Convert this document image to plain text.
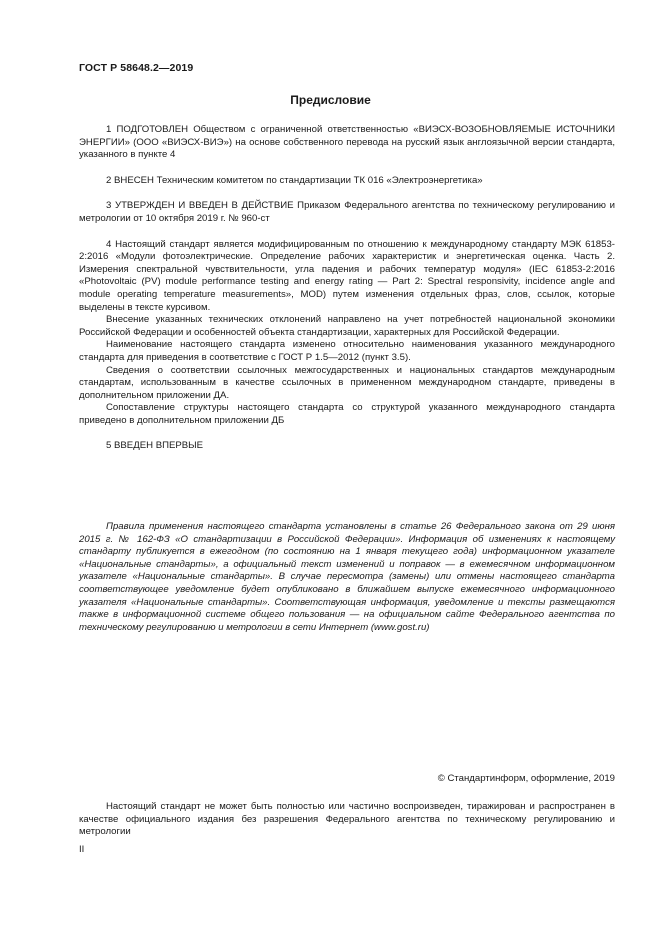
ГОСТ Р 58648.2—2019
Предисловие

1 ПОДГОТОВЛЕН Обществом с ограниченной ответственностью «ВИЭСХ-ВОЗОБНОВЛЯЕМЫЕ ИСТОЧНИКИ ЭНЕРГИИ» (ООО «ВИЭСХ-ВИЭ») на основе собственного перевода на русский язык англоязычной версии стандарта, указанного в пункте 4

2 ВНЕСЕН Техническим комитетом по стандартизации ТК 016 «Электроэнергетика»

3 УТВЕРЖДЕН И ВВЕДЕН В ДЕЙСТВИЕ Приказом Федерального агентства по техническому регулированию и метрологии от 10 октября 2019 г. № 960-ст

4 Настоящий стандарт является модифицированным по отношению к международному стандарту МЭК 61853-2:2016 «Модули фотоэлектрические. Определение рабочих характеристик и энергетическая оценка. Часть 2. Измерения спектральной чувствительности, угла падения и рабочих температур модуля» (IEC 61853-2:2016 «Photovoltaic (PV) module performance testing and energy rating — Part 2: Spectral responsivity, incidence angle and module operating temperature measurements», MOD) путем изменения отдельных фраз, слов, ссылок, которые выделены в тексте курсивом.

Внесение указанных технических отклонений направлено на учет потребностей национальной экономики Российской Федерации и особенностей объекта стандартизации, характерных для Российской Федерации.

Наименование настоящего стандарта изменено относительно наименования указанного международного стандарта для приведения в соответствие с ГОСТ Р 1.5—2012 (пункт 3.5).

Сведения о соответствии ссылочных межгосударственных и национальных стандартов международным стандартам, использованным в качестве ссылочных в примененном международном стандарте, приведены в дополнительном приложении ДА.

Сопоставление структуры настоящего стандарта со структурой указанного международного стандарта приведено в дополнительном приложении ДБ

5 ВВЕДЕН ВПЕРВЫЕ

Правила применения настоящего стандарта установлены в статье 26 Федерального закона от 29 июня 2015 г. № 162-ФЗ «О стандартизации в Российской Федерации». Информация об изменениях к настоящему стандарту публикуется в ежегодном (по состоянию на 1 января текущего года) информационном указателе «Национальные стандарты», а официальный текст изменений и поправок — в ежемесячном информационном указателе «Национальные стандарты». В случае пересмотра (замены) или отмены настоящего стандарта соответствующее уведомление будет опубликовано в ближайшем выпуске ежемесячного информационного указателя «Национальные стандарты». Соответствующая информация, уведомление и тексты размещаются также в информационной системе общего пользования — на официальном сайте Федерального агентства по техническому регулированию и метрологии в сети Интернет (www.gost.ru)

© Стандартинформ, оформление, 2019

Настоящий стандарт не может быть полностью или частично воспроизведен, тиражирован и распространен в качестве официального издания без разрешения Федерального агентства по техническому регулированию и метрологии

II
